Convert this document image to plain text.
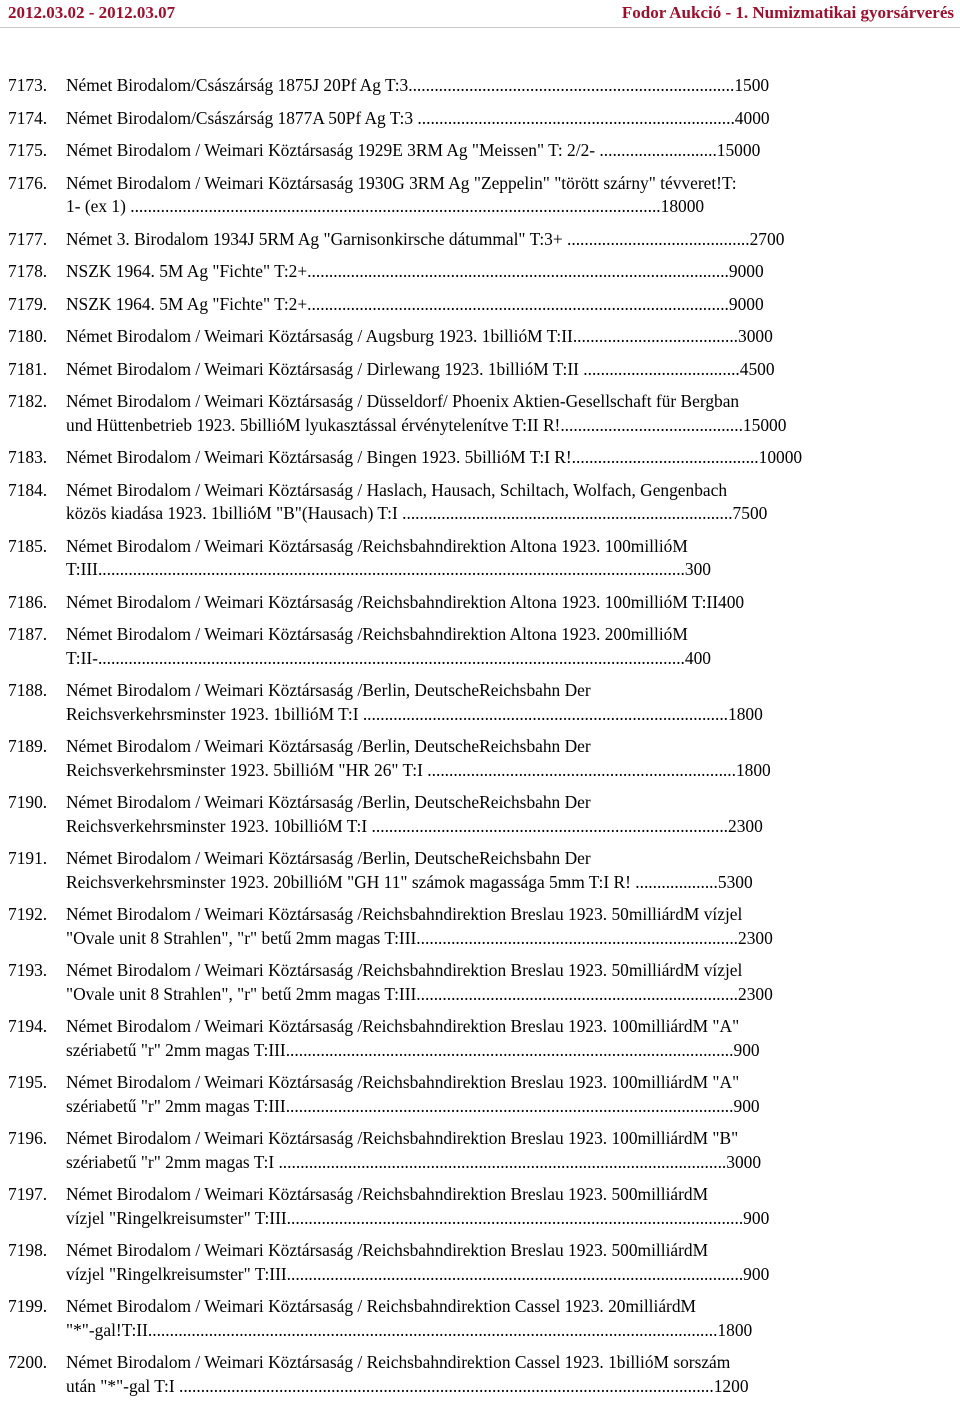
2012.03.02 - 2012.03.07	Fodor Aukció - 1. Numizmatikai gyorsárverés
7173. Német Birodalom/Császárság 1875J 20Pf Ag T:3...........................................................................1500
7174. Német Birodalom/Császárság 1877A 50Pf Ag T:3 .........................................................................4000
7175. Német Birodalom / Weimari Köztársaság 1929E 3RM Ag "Meissen" T: 2/2- ...........................15000
7176. Német Birodalom / Weimari Köztársaság 1930G 3RM Ag "Zeppelin" "törött szárny" tévveret!T:
1- (ex 1) ..........................................................................................................................18000
7177. Német 3. Birodalom 1934J 5RM Ag "Garnisonkirsche dátummal" T:3+ ..........................................2700
7178. NSZK 1964. 5M Ag "Fichte" T:2+.................................................................................................9000
7179. NSZK 1964. 5M Ag "Fichte" T:2+.................................................................................................9000
7180. Német Birodalom / Weimari Köztársaság / Augsburg 1923. 1billióM T:II......................................3000
7181. Német Birodalom / Weimari Köztársaság / Dirlewang 1923. 1billióM T:II ....................................4500
7182. Német Birodalom / Weimari Köztársaság / Düsseldorf/ Phoenix Aktien-Gesellschaft für Bergban
und Hüttenbetrieb 1923. 5billióM lyukasztással érvénytelenítve T:II R!..........................................15000
7183. Német Birodalom / Weimari Köztársaság / Bingen 1923. 5billióM T:I R!...........................................10000
7184. Német Birodalom / Weimari Köztársaság / Haslach, Hausach, Schiltach, Wolfach, Gengenbach
közös kiadása 1923. 1billióM "B"(Hausach) T:I ............................................................................7500
7185. Német Birodalom / Weimari Köztársaság /Reichsbahndirektion Altona 1923. 100millióM
T:III.......................................................................................................................................300
7186. Német Birodalom / Weimari Köztársaság /Reichsbahndirektion Altona 1923. 100millióM T:II400
7187. Német Birodalom / Weimari Köztársaság /Reichsbahndirektion Altona 1923. 200millióM
T:II-.......................................................................................................................................400
7188. Német Birodalom / Weimari Köztársaság /Berlin, DeutscheReichsbahn Der
Reichsverkehrsminster 1923. 1billióM T:I ....................................................................................1800
7189. Német Birodalom / Weimari Köztársaság /Berlin, DeutscheReichsbahn Der
Reichsverkehrsminster 1923. 5billióM "HR 26" T:I .......................................................................1800
7190. Német Birodalom / Weimari Köztársaság /Berlin, DeutscheReichsbahn Der
Reichsverkehrsminster 1923. 10billióM T:I ..................................................................................2300
7191. Német Birodalom / Weimari Köztársaság /Berlin, DeutscheReichsbahn Der
Reichsverkehrsminster 1923. 20billióM "GH 11" számok magassága 5mm T:I R! ...................5300
7192. Német Birodalom / Weimari Köztársaság /Reichsbahndirektion Breslau 1923. 50milliárdM vízjel
"Ovale unit 8 Strahlen", "r" betű 2mm magas T:III..........................................................................2300
7193. Német Birodalom / Weimari Köztársaság /Reichsbahndirektion Breslau 1923. 50milliárdM vízjel
"Ovale unit 8 Strahlen", "r" betű 2mm magas T:III..........................................................................2300
7194. Német Birodalom / Weimari Köztársaság /Reichsbahndirektion Breslau 1923. 100milliárdM "A"
szériabetű "r" 2mm magas T:III.......................................................................................................900
7195. Német Birodalom / Weimari Köztársaság /Reichsbahndirektion Breslau 1923. 100milliárdM "A"
szériabetű "r" 2mm magas T:III.......................................................................................................900
7196. Német Birodalom / Weimari Köztársaság /Reichsbahndirektion Breslau 1923. 100milliárdM "B"
szériabetű "r" 2mm magas T:I .......................................................................................................3000
7197. Német Birodalom / Weimari Köztársaság /Reichsbahndirektion Breslau 1923. 500milliárdM
vízjel "Ringelkreisumster" T:III.........................................................................................................900
7198. Német Birodalom / Weimari Köztársaság /Reichsbahndirektion Breslau 1923. 500milliárdM
vízjel "Ringelkreisumster" T:III.........................................................................................................900
7199. Német Birodalom / Weimari Köztársaság / Reichsbahndirektion Cassel 1923. 20milliárdM
"*"-gal!T:II...................................................................................................................................1800
7200. Német Birodalom / Weimari Köztársaság / Reichsbahndirektion Cassel 1923. 1billióM sorszám
után "*"-gal T:I ...........................................................................................................................1200
